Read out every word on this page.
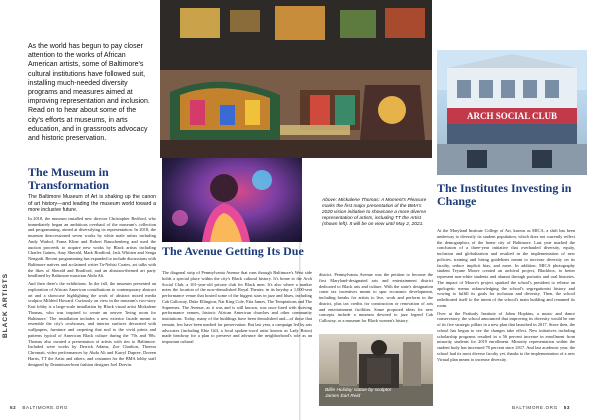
BLACK ARTISTS
As the world has begun to pay closer attention to the works of African American artists, some of Baltimore's cultural institutions have followed suit, installing much-needed diversity programs and measures aimed at improving representation and inclusion. Read on to hear about some of the city's efforts at museums, in arts education, and in grassroots advocacy and historic preservation.
Above: Mickalene Thomas: A Moment's Pleasure marks the first major presentation of the BMA's 2020 vision initiative to showcase a more diverse representation of artists, including TT the Artist (shown left). It will be on view until May 2, 2021.
Billie Holiday statue by sculptor James Earl Reid
ARCH SOCIAL CLUB
The Museum in Transformation
The Baltimore Museum of Art is shaking up the canon of art history—and leading the museum world toward a more inclusive future.

In 2018, the museum installed new director Christopher Bedford, who immediately began an ambitious overhaul of the museum's collection and programming, aimed at diversifying its representation. In 2018, the museum deaccessioned seven works by white male artists including Andy Warhol, Franz Kline and Robert Rauschenberg and used the auction proceeds to acquire new works by Black artists including Charles Gaines, Amy Sherald, Mark Bradford, Jack Whitten and Senga Nengudi. Recent programming has expanded to include discussions with Baltimore natives and acclaimed writer Ta-Nehisi Coates, art talks with the likes of Sherald and Bradford, and an altruism-themed art party headlined by Baltimore musician Abdu Ali.

And then there's the exhibitions. In the fall, the museum presented an exploration of African American contributions to contemporary abstract art and a showcase highlighting the work of abstract mixed media sculptor Mildred Howard. Curiously on view in the museum's two-story East lobby is a large-scale installation by Black visual artist Mickalene Thomas, who was inspired to create an oeuvre 'living room for Baltimore.' The installation includes a new exterior facade meant to resemble the city's rowhouses, and interior surfaces decorated with wallpapers, furniture and carpeting that nod to the vivid prints and patterns typical of American Black culture during the '70s and '80s. Thomas also curated a presentation of artists with ties to Baltimore. Included were works by Derrick Adams, Zoe Charlton, Theresa Chromati, video performances by Abdu Ali and Karryl Dupree, Doreen Harris, TT the Artist and others, and costumes for the BMA lobby staff designed by Dominican-born fashion designer Joel Dorvin.

The Avenue Getting Its Due

The diagonal strip of Pennsylvania Avenue that runs through Baltimore's West side holds a special place within the city's Black cultural history. It's home to the Arch Social Club, a 101-year-old private club for Black men. It's also where a marker notes the location of the now-demolished Royal Theater, in its heyday a 1,000-seat performance venue that hosted some of the biggest stars in jazz and blues, including Cab Calloway, Duke Ellington, Nat King Cole, Etta James, The Temptations and The Supremes. The Avenue, as it was and is still known, was once lined with thriving performance venues, historic African American churches and other community institutions. Today, many of the buildings have been demolished and—of those that remain, few have been marked for preservation. But last year, a campaign led by arts advocates (including Ebiz Gill, a local spoken-word artist known as Lady Brion) made headway for a plan to preserve and advance the neighborhood's role as an important cultural

district. Pennsylvania Avenue was the petition to become the first Maryland-designated arts and entertainment district dedicated to Black arts and culture. With the state's designation come tax incentives meant to spur economic development, including breaks for artists to live, work and perform in the district, plus tax credits for construction or renovation of arts and entertainment facilities. Some proposed ideas for new concepts include a museum devoted to jazz legend Cab Calloway, or a museum for Black women's history.

The Institutes Investing in Change

At the Maryland Institute College of Art, known as MICA, a shift has been underway to diversify its student population, which does not currently reflect the demographics of the home city of Baltimore. Last year marked the conclusion of a three-year initiative that overhauled diversity, equity, inclusion and globalization and resulted in the implementation of new policies, training and hiring guidelines meant to increase diversity on its faculty, reduce implicit bias, and more. In addition, MICA photography student Teyane Moore created an archival project, Blackbox, to better represent non-white students and alumni through portraits and oral histories. The impact of Moore's project sparked the school's president to release an apologetic memo acknowledging the school's segregationist history and vowing to fulfill its goals for inclusion and diversity. Then, the school rededicated itself to the intent of the school's main building and renamed its room.

Over at the Peabody Institute of Johns Hopkins, a music and dance conservatory, the school announced that improving its diversity would be one of its five strategic pillars in a new plan that launched in 2017. Since then, the school has begun to see the changes take effect. New initiatives including scholarship programs resulted in a 56 percent increase in enrollment from minority students for 2019 enrollment. Minority representation within the student body has increased 70 percent since 2017. And last academic year, the school had its most diverse faculty yet, thanks to the implementation of a new Virtual plan meant to increase diversity.

52 BALTIMORE.ORG	BALTIMORE.ORG 53
